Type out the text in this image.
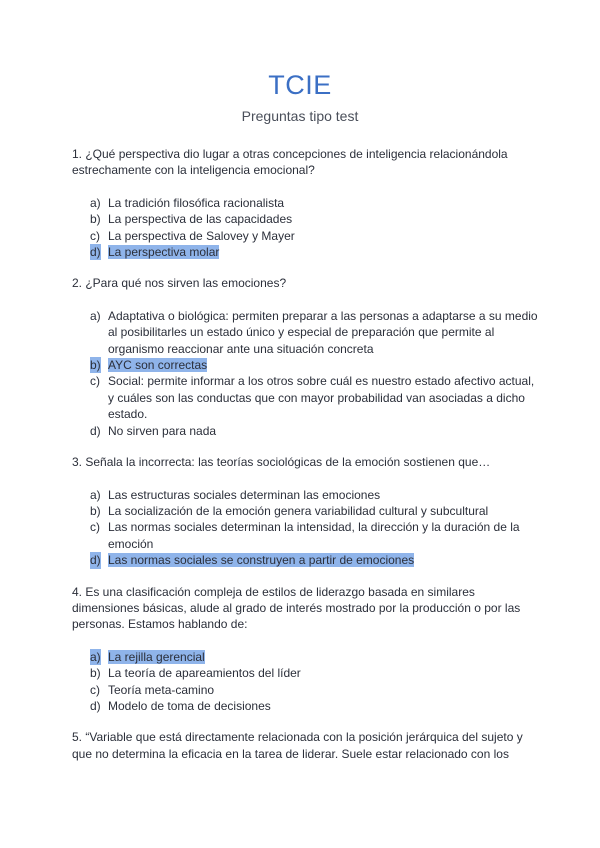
TCIE
Preguntas tipo test

1. ¿Qué perspectiva dio lugar a otras concepciones de inteligencia relacionándola estrechamente con la inteligencia emocional?

a) La tradición filosófica racionalista
b) La perspectiva de las capacidades
c) La perspectiva de Salovey y Mayer
d) La perspectiva molar

2. ¿Para qué nos sirven las emociones?

a) Adaptativa o biológica: permiten preparar a las personas a adaptarse a su medio al posibilitarles un estado único y especial de preparación que permite al organismo reaccionar ante una situación concreta
b) AYC son correctas
c) Social: permite informar a los otros sobre cuál es nuestro estado afectivo actual, y cuáles son las conductas que con mayor probabilidad van asociadas a dicho estado.
d) No sirven para nada

3. Señala la incorrecta: las teorías sociológicas de la emoción sostienen que…

a) Las estructuras sociales determinan las emociones
b) La socialización de la emoción genera variabilidad cultural y subcultural
c) Las normas sociales determinan la intensidad, la dirección y la duración de la emoción
d) Las normas sociales se construyen a partir de emociones

4. Es una clasificación compleja de estilos de liderazgo basada en similares dimensiones básicas, alude al grado de interés mostrado por la producción o por las personas. Estamos hablando de:

a) La rejilla gerencial
b) La teoría de apareamientos del líder
c) Teoría meta-camino
d) Modelo de toma de decisiones

5. “Variable que está directamente relacionada con la posición jerárquica del sujeto y que no determina la eficacia en la tarea de liderar. Suele estar relacionado con los
